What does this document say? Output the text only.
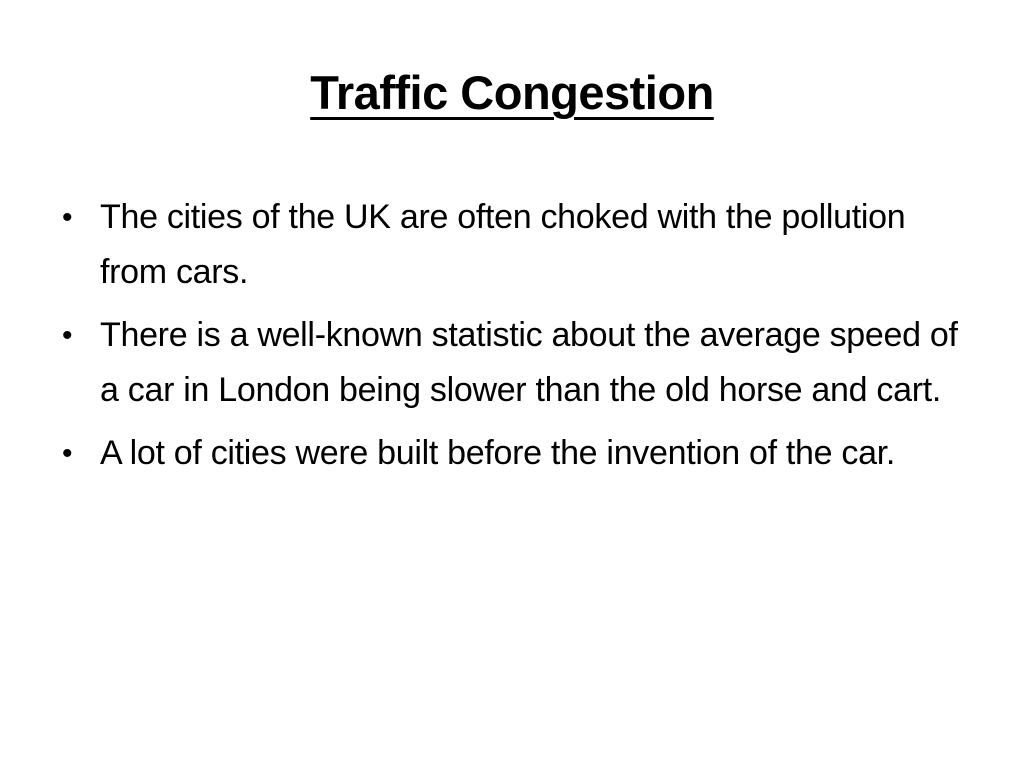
Traffic Congestion
• The cities of the UK are often choked with the pollution from cars.
• There is a well-known statistic about the average speed of a car in London being slower than the old horse and cart.
• A lot of cities were built before the invention of the car.
